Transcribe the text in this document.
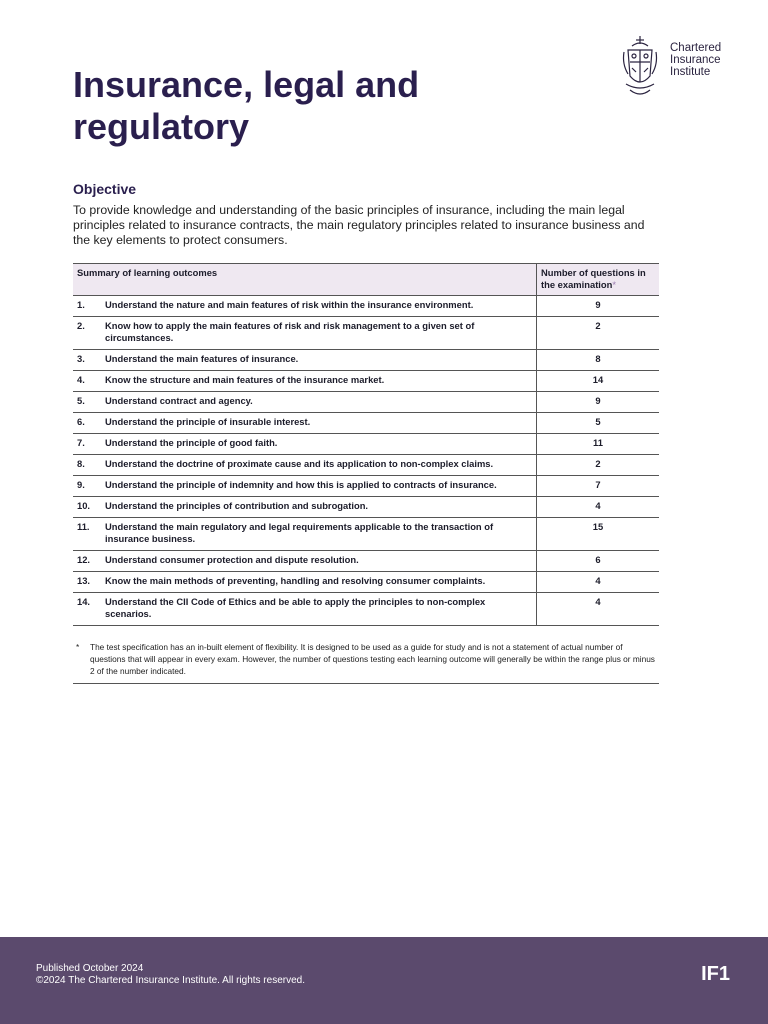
Chartered
Insurance
Institute
Insurance, legal and regulatory
Objective

To provide knowledge and understanding of the basic principles of insurance, including the main legal principles related to insurance contracts, the main regulatory principles related to insurance business and the key elements to protect consumers.

Summary of learning outcomes		Number of questions in the examination*
1.	Understand the nature and main features of risk within the insurance environment.	9
2.	Know how to apply the main features of risk and risk management to a given set of circumstances.	2
3.	Understand the main features of insurance.	8
4.	Know the structure and main features of the insurance market.	14
5.	Understand contract and agency.	9
6.	Understand the principle of insurable interest.	5
7.	Understand the principle of good faith.	11
8.	Understand the doctrine of proximate cause and its application to non-complex claims.	2
9.	Understand the principle of indemnity and how this is applied to contracts of insurance.	7
10.	Understand the principles of contribution and subrogation.	4
11.	Understand the main regulatory and legal requirements applicable to the transaction of insurance business.	15
12.	Understand consumer protection and dispute resolution.	6
13.	Know the main methods of preventing, handling and resolving consumer complaints.	4
14.	Understand the CII Code of Ethics and be able to apply the principles to non-complex scenarios.	4
*	The test specification has an in-built element of flexibility. It is designed to be used as a guide for study and is not a statement of actual number of questions that will appear in every exam. However, the number of questions testing each learning outcome will generally be within the range plus or minus 2 of the number indicated.
Published October 2024
©2024 The Chartered Insurance Institute. All rights reserved.	IF1
